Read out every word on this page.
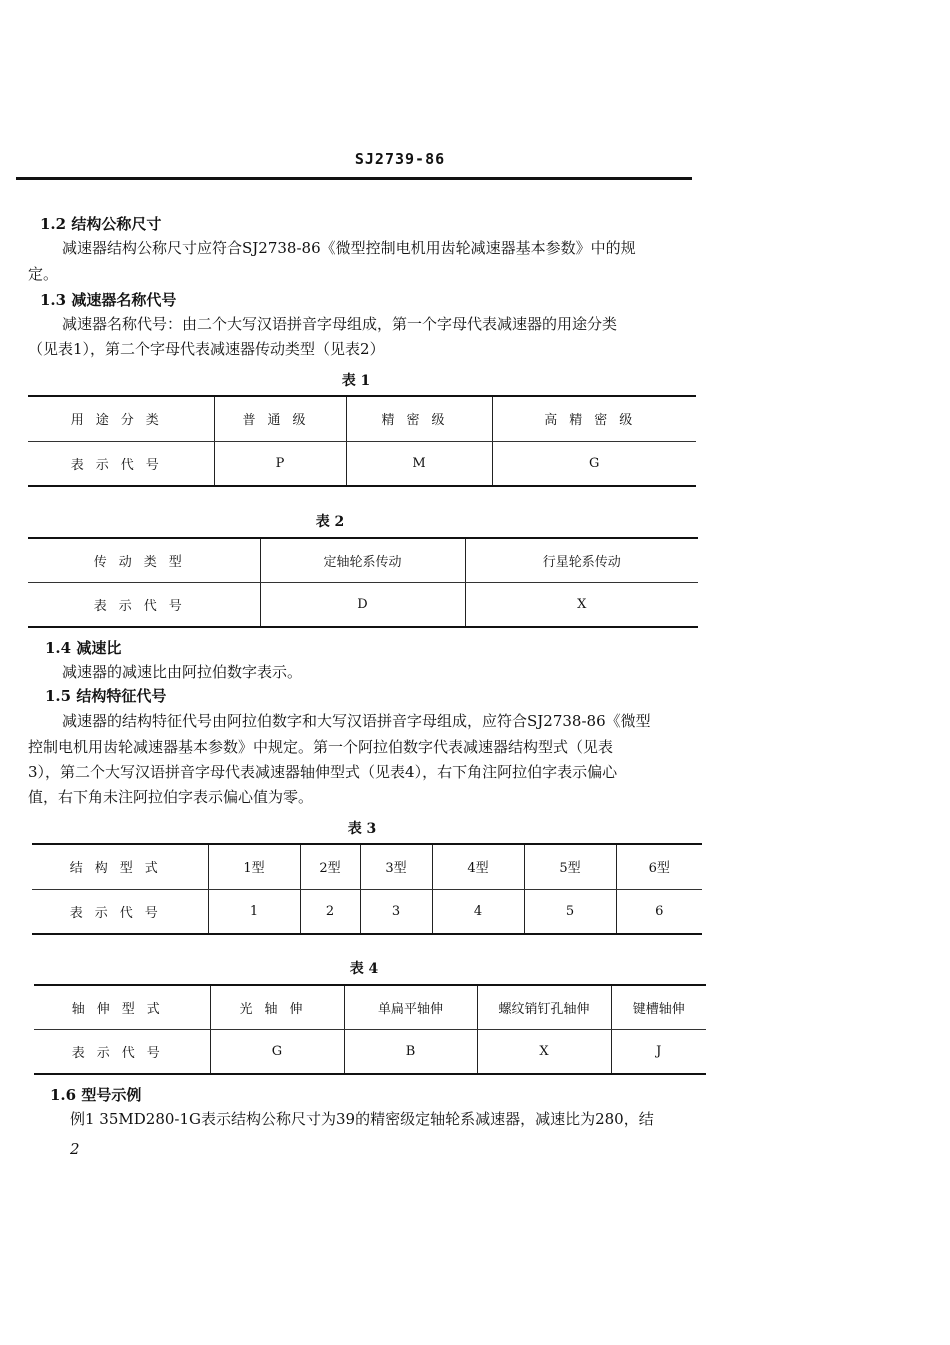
SJ2739-86
1.2 结构公称尺寸
减速器结构公称尺寸应符合SJ2738-86《微型控制电机用齿轮减速器基本参数》中的规
定。
1.3 减速器名称代号
减速器名称代号：由二个大写汉语拼音字母组成，第一个字母代表减速器的用途分类
（见表1），第二个字母代表减速器传动类型（见表2）
表 1
用途分类	普通级	精密级	高精密级
表示代号	P	M	G
表 2
传动类型	定轴轮系传动	行星轮系传动
表示代号	D	X
1.4 减速比
减速器的减速比由阿拉伯数字表示。
1.5 结构特征代号
减速器的结构特征代号由阿拉伯数字和大写汉语拼音字母组成，应符合SJ2738-86《微型
控制电机用齿轮减速器基本参数》中规定。第一个阿拉伯数字代表减速器结构型式（见表
3），第二个大写汉语拼音字母代表减速器轴伸型式（见表4），右下角注阿拉伯字表示偏心
值，右下角未注阿拉伯字表示偏心值为零。
表 3
结构型式	1型	2型	3型	4型	5型	6型
表示代号	1	2	3	4	5	6
表 4
轴伸型式	光轴伸	单扁平轴伸	螺纹销钉孔轴伸	键槽轴伸
表示代号	G	B	X	J
1.6 型号示例
例1 35MD280-1G表示结构公称尺寸为39的精密级定轴轮系减速器，减速比为280，结
2
